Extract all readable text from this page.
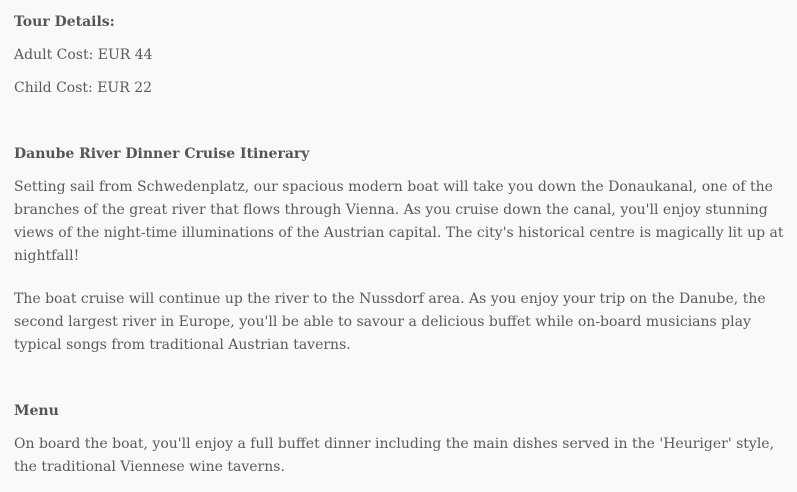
Tour Details:

Adult Cost: EUR 44

Child Cost: EUR 22

Danube River Dinner Cruise Itinerary

Setting sail from Schwedenplatz, our spacious modern boat will take you down the Donaukanal, one of the branches of the great river that flows through Vienna. As you cruise down the canal, you'll enjoy stunning views of the night-time illuminations of the Austrian capital. The city's historical centre is magically lit up at nightfall!

The boat cruise will continue up the river to the Nussdorf area. As you enjoy your trip on the Danube, the second largest river in Europe, you'll be able to savour a delicious buffet while on-board musicians play typical songs from traditional Austrian taverns.

Menu

On board the boat, you'll enjoy a full buffet dinner including the main dishes served in the 'Heuriger' style, the traditional Viennese wine taverns.
